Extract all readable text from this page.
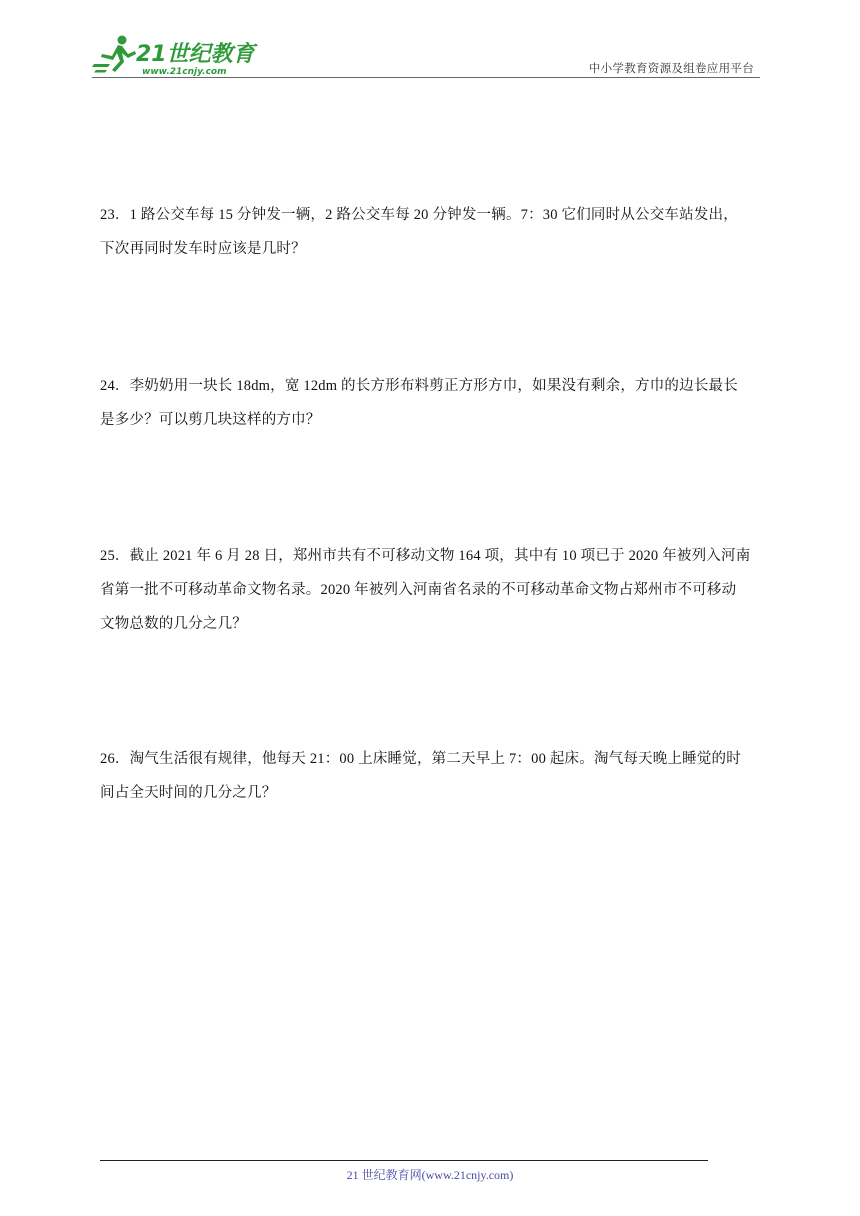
21世纪教育
www.21cnjy.com	中小学教育资源及组卷应用平台

23．1 路公交车每 15 分钟发一辆，2 路公交车每 20 分钟发一辆。7：30 它们同时从公交车站发出，

下次再同时发车时应该是几时？

24．李奶奶用一块长 18dm，宽 12dm 的长方形布料剪正方形方巾，如果没有剩余，方巾的边长最长

是多少？可以剪几块这样的方巾？

25．截止 2021 年 6 月 28 日，郑州市共有不可移动文物 164 项，其中有 10 项已于 2020 年被列入河南

省第一批不可移动革命文物名录。2020 年被列入河南省名录的不可移动革命文物占郑州市不可移动

文物总数的几分之几？

26．淘气生活很有规律，他每天 21：00 上床睡觉，第二天早上 7：00 起床。淘气每天晚上睡觉的时

间占全天时间的几分之几？

21 世纪教育网(www.21cnjy.com)
